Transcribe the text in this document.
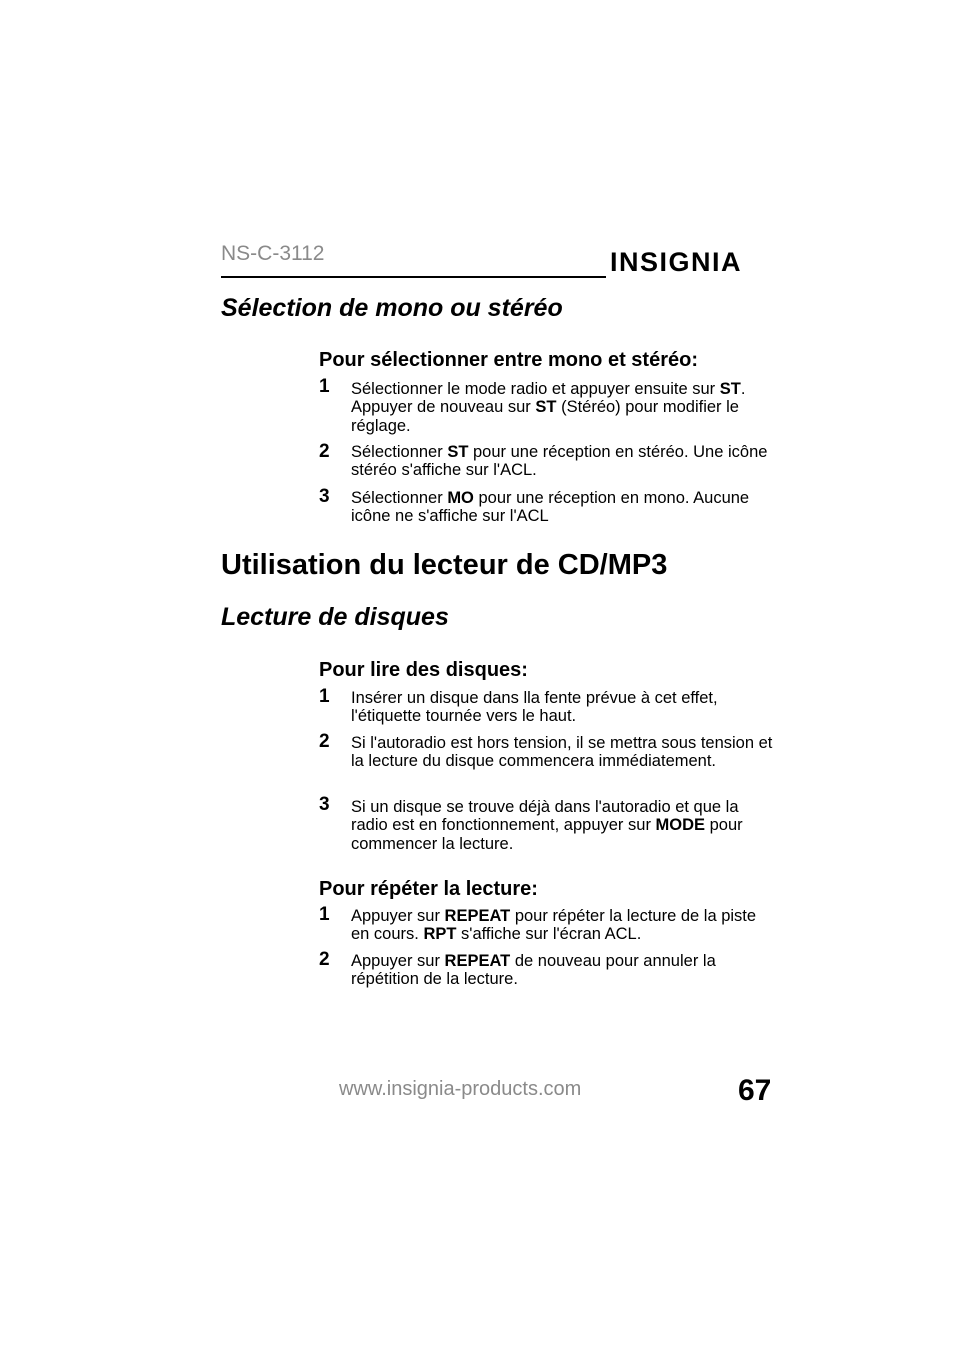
NS-C-3112	INSIGNIA
Sélection de mono ou stéréo
Pour sélectionner entre mono et stéréo:
1 Sélectionner le mode radio et appuyer ensuite sur ST. Appuyer de nouveau sur ST (Stéréo) pour modifier le réglage.
2 Sélectionner ST pour une réception en stéréo. Une icône stéréo s'affiche sur l'ACL.
3 Sélectionner MO pour une réception en mono. Aucune icône ne s'affiche sur l'ACL
Utilisation du lecteur de CD/MP3
Lecture de disques
Pour lire des disques:
1 Insérer un disque dans lla fente prévue à cet effet, l'étiquette tournée vers le haut.
2 Si l'autoradio est hors tension, il se mettra sous tension et la lecture du disque commencera immédiatement.
3 Si un disque se trouve déjà dans l'autoradio et que la radio est en fonctionnement, appuyer sur MODE pour commencer la lecture.
Pour répéter la lecture:
1 Appuyer sur REPEAT pour répéter la lecture de la piste en cours. RPT s'affiche sur l'écran ACL.
2 Appuyer sur REPEAT de nouveau pour annuler la répétition de la lecture.
www.insignia-products.com	67
